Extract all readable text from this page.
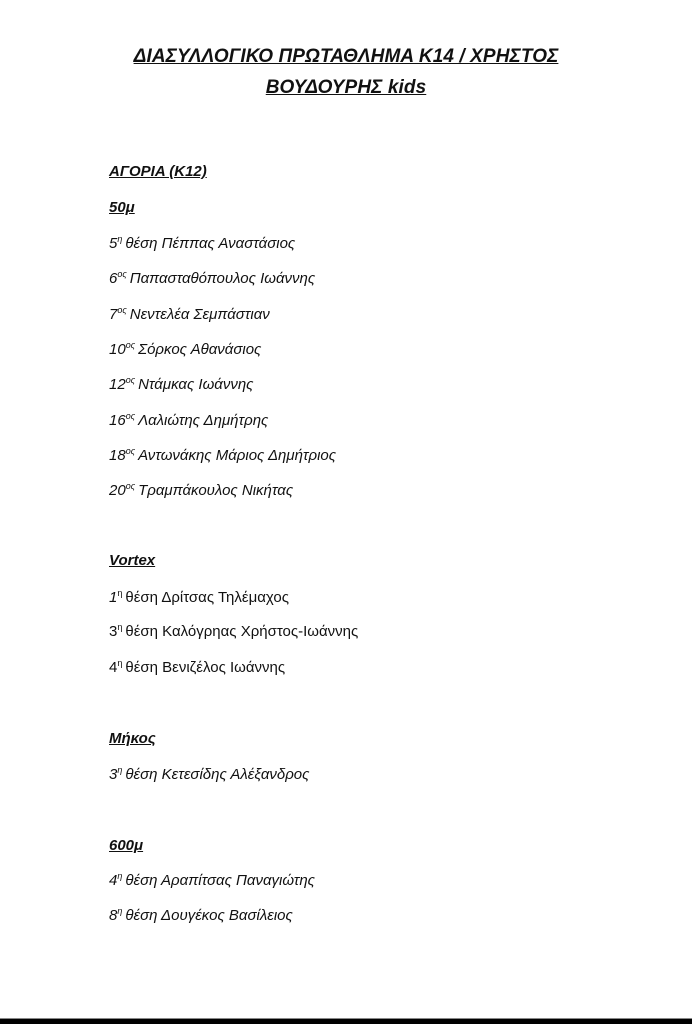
ΔΙΑΣΥΛΛΟΓΙΚΟ ΠΡΩΤΑΘΛΗΜΑ Κ14 / ΧΡΗΣΤΟΣ
ΒΟΥΔΟΥΡΗΣ kids
ΑΓΟΡΙΑ (Κ12)
50μ
$5^\eta$ θέση Πέππας Αναστάσιος
$6^{o\varsigma}$ Παπασταθόπουλος Ιωάννης
$7^{o\varsigma}$ Νεντελέα Σεμπάστιαν
$10^{o\varsigma}$ Σόρκος Αθανάσιος
$12^{o\varsigma}$ Ντάμκας Ιωάννης
$16^{o\varsigma}$ Λαλιώτης Δημήτρης
$18^{o\varsigma}$ Αντωνάκης Μάριος Δημήτριος
$20^{o\varsigma}$ Τραμπάκουλος Νικήτας
Vortex
$1^\eta$ θέση Δρίτσας Τηλέμαχος
$3^\eta$ θέση Καλόγρηας Χρήστος-Ιωάννης
$4^\eta$ θέση Βενιζέλος Ιωάννης
Μήκος
$3^\eta$ θέση Κετεσίδης Αλέξανδρος
600μ
$4^\eta$ θέση Αραπίτσας Παναγιώτης
$8^\eta$ θέση Δουγέκος Βασίλειος
